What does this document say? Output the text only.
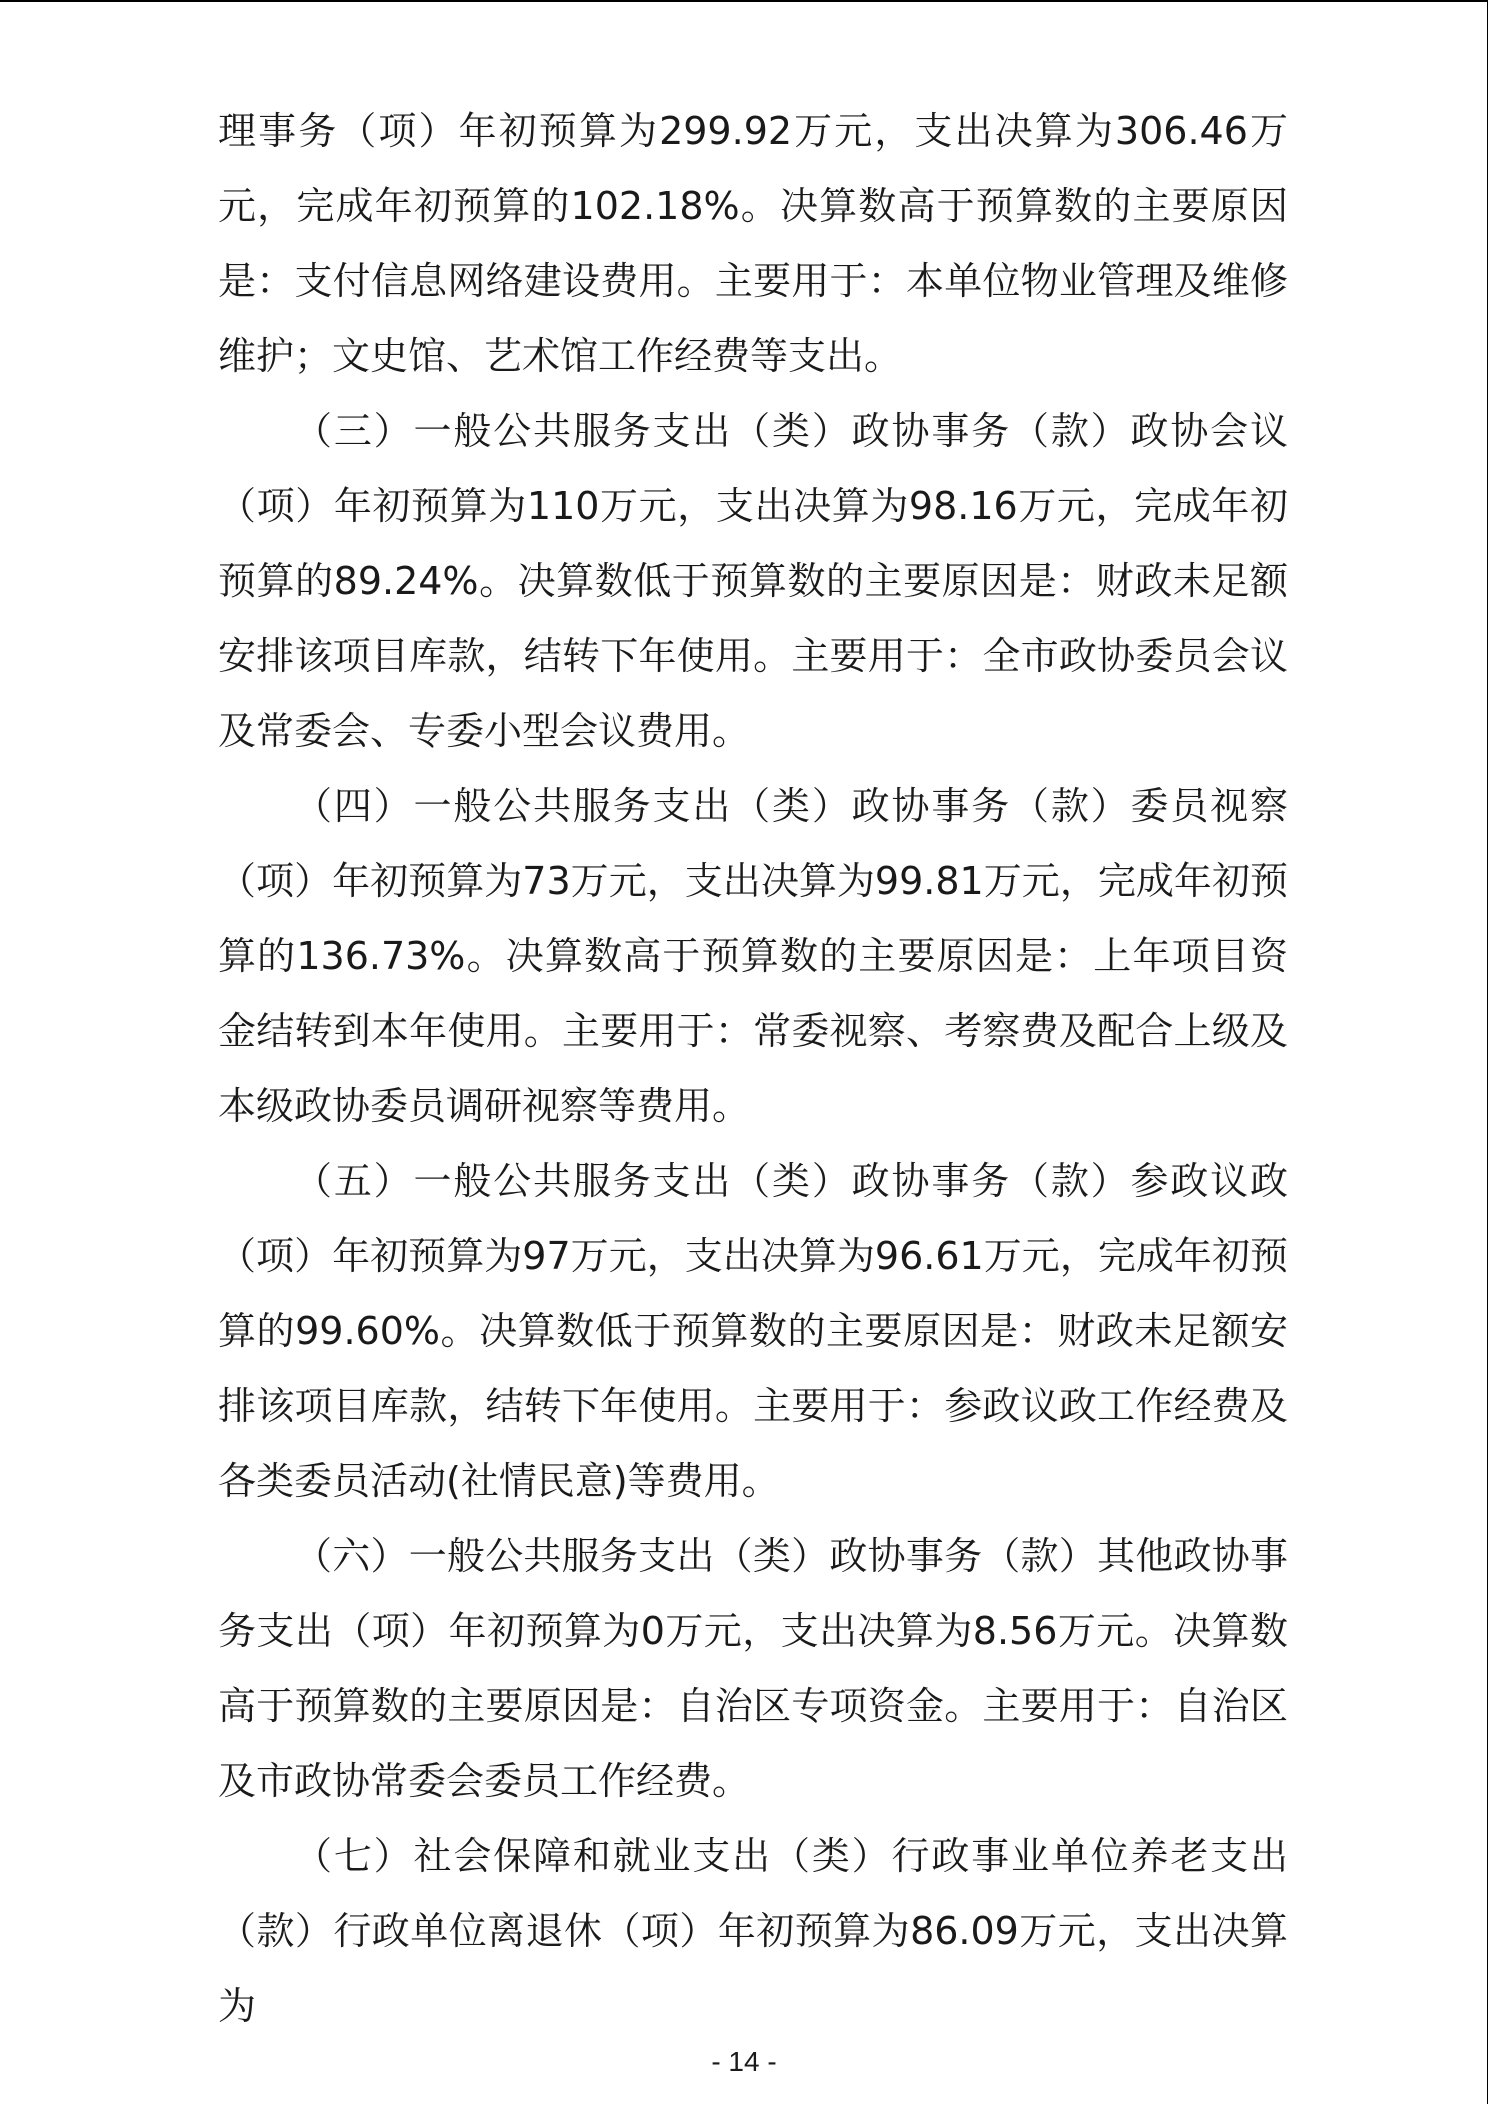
理事务（项）年初预算为299.92万元，支出决算为306.46万元，完成年初预算的102.18%。决算数高于预算数的主要原因是：支付信息网络建设费用。主要用于：本单位物业管理及维修维护；文史馆、艺术馆工作经费等支出。

（三）一般公共服务支出（类）政协事务（款）政协会议（项）年初预算为110万元，支出决算为98.16万元，完成年初预算的89.24%。决算数低于预算数的主要原因是：财政未足额安排该项目库款，结转下年使用。主要用于：全市政协委员会议及常委会、专委小型会议费用。

（四）一般公共服务支出（类）政协事务（款）委员视察（项）年初预算为73万元，支出决算为99.81万元，完成年初预算的136.73%。决算数高于预算数的主要原因是：上年项目资金结转到本年使用。主要用于：常委视察、考察费及配合上级及本级政协委员调研视察等费用。

（五）一般公共服务支出（类）政协事务（款）参政议政（项）年初预算为97万元，支出决算为96.61万元，完成年初预算的99.60%。决算数低于预算数的主要原因是：财政未足额安排该项目库款，结转下年使用。主要用于：参政议政工作经费及各类委员活动(社情民意)等费用。

（六）一般公共服务支出（类）政协事务（款）其他政协事务支出（项）年初预算为0万元，支出决算为8.56万元。决算数高于预算数的主要原因是：自治区专项资金。主要用于：自治区及市政协常委会委员工作经费。

（七）社会保障和就业支出（类）行政事业单位养老支出（款）行政单位离退休（项）年初预算为86.09万元，支出决算为

- 14 -
